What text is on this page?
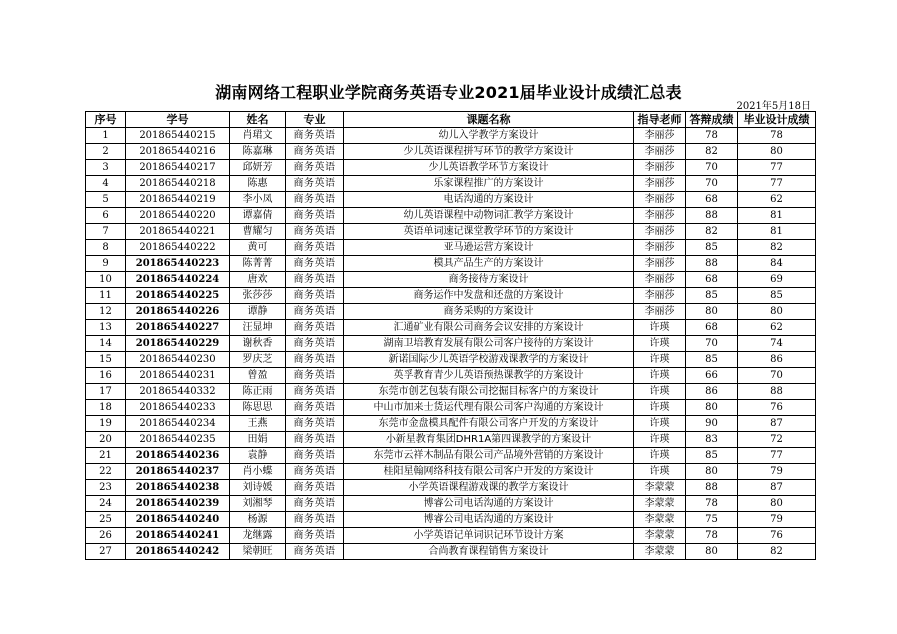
湖南网络工程职业学院商务英语专业2021届毕业设计成绩汇总表
2021年5月18日
序号	学号	姓名	专业	课题名称	指导老师	答辩成绩	毕业设计成绩
1	201865440215	肖珺文	商务英语	幼儿入学教学方案设计	李丽莎	78	78
2	201865440216	陈嘉琳	商务英语	少儿英语课程拼写环节的教学方案设计	李丽莎	82	80
3	201865440217	邱妍芳	商务英语	少儿英语教学环节方案设计	李丽莎	70	77
4	201865440218	陈惠	商务英语	乐家课程推广的方案设计	李丽莎	70	77
5	201865440219	李小凤	商务英语	电话沟通的方案设计	李丽莎	68	62
6	201865440220	谭嘉倩	商务英语	幼儿英语课程中动物词汇教学方案设计	李丽莎	88	81
7	201865440221	曹耀匀	商务英语	英语单词速记课堂教学环节的方案设计	李丽莎	82	81
8	201865440222	黄可	商务英语	亚马逊运营方案设计	李丽莎	85	82
9	201865440223	陈菁菁	商务英语	模具产品生产的方案设计	李丽莎	88	84
10	201865440224	唐欢	商务英语	商务接待方案设计	李丽莎	68	69
11	201865440225	张莎莎	商务英语	商务运作中发盘和还盘的方案设计	李丽莎	85	85
12	201865440226	谭静	商务英语	商务采购的方案设计	李丽莎	80	80
13	201865440227	汪显坤	商务英语	汇通矿业有限公司商务会议安排的方案设计	许瑛	68	62
14	201865440229	谢秋香	商务英语	湖南卫培教育发展有限公司客户接待的方案设计	许瑛	70	74
15	201865440230	罗庆芝	商务英语	新诺国际少儿英语学校游戏课教学的方案设计	许瑛	85	86
16	201865440231	曾盈	商务英语	英孚教育青少儿英语预热课教学的方案设计	许瑛	66	70
17	201865440332	陈正雨	商务英语	东莞市创艺包装有限公司挖掘目标客户的方案设计	许瑛	86	88
18	201865440233	陈思思	商务英语	中山市加来士货运代理有限公司客户沟通的方案设计	许瑛	80	76
19	201865440234	王燕	商务英语	东莞市金盘模具配件有限公司客户开发的方案设计	许瑛	90	87
20	201865440235	田娟	商务英语	小新星教育集团DHR1A第四课教学的方案设计	许瑛	83	72
21	201865440236	袁静	商务英语	东莞市云祥木制品有限公司产品境外营销的方案设计	许瑛	85	77
22	201865440237	肖小蝶	商务英语	桂阳星翰网络科技有限公司客户开发的方案设计	许瑛	80	79
23	201865440238	刘诗媛	商务英语	小学英语课程游戏课的教学方案设计	李蒙蒙	88	87
24	201865440239	刘湘琴	商务英语	博睿公司电话沟通的方案设计	李蒙蒙	78	80
25	201865440240	杨源	商务英语	博睿公司电话沟通的方案设计	李蒙蒙	75	79
26	201865440241	龙继露	商务英语	小学英语记单词识记环节设计方案	李蒙蒙	78	76
27	201865440242	梁朝旺	商务英语	合尚教育课程销售方案设计	李蒙蒙	80	82
